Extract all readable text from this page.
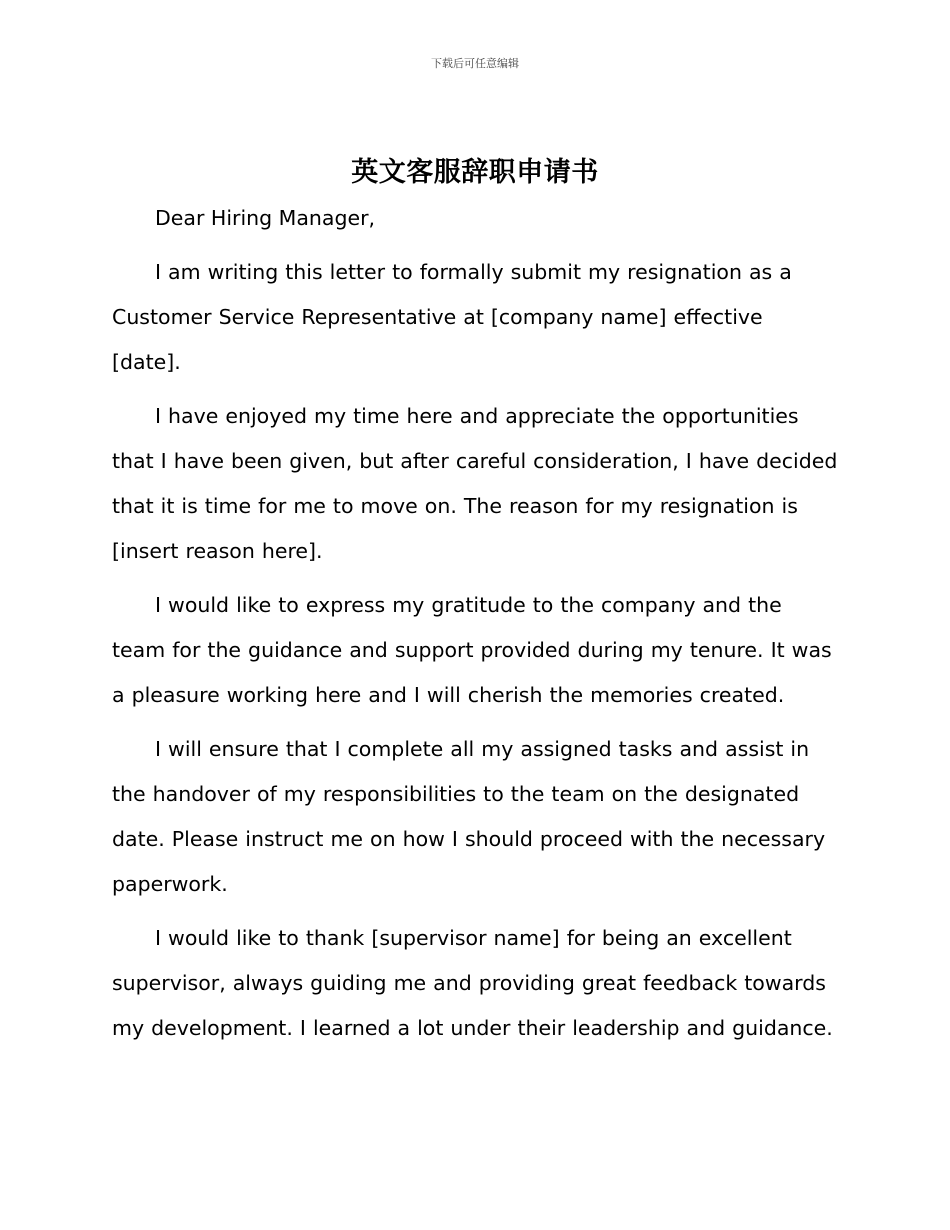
下载后可任意编辑
英文客服辞职申请书

Dear Hiring Manager,

I am writing this letter to formally submit my resignation as a Customer Service Representative at [company name] effective [date].

I have enjoyed my time here and appreciate the opportunities that I have been given, but after careful consideration, I have decided that it is time for me to move on. The reason for my resignation is [insert reason here].

I would like to express my gratitude to the company and the team for the guidance and support provided during my tenure. It was a pleasure working here and I will cherish the memories created.

I will ensure that I complete all my assigned tasks and assist in the handover of my responsibilities to the team on the designated date. Please instruct me on how I should proceed with the necessary paperwork.

I would like to thank [supervisor name] for being an excellent supervisor, always guiding me and providing great feedback towards my development. I learned a lot under their leadership and guidance.
